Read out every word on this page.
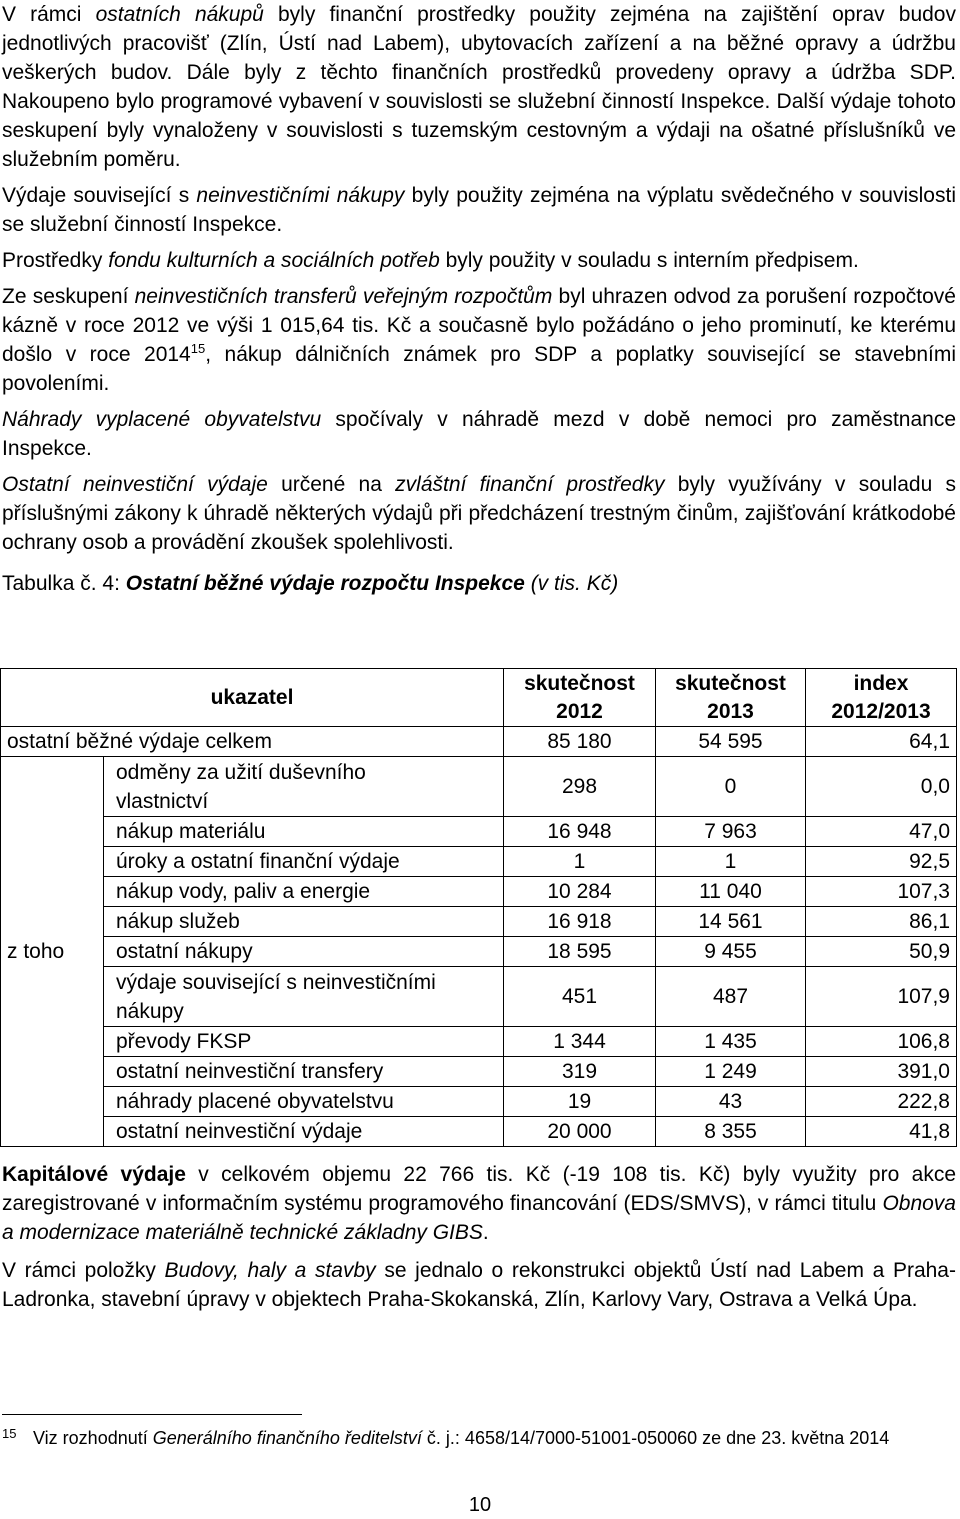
V rámci ostatních nákupů byly finanční prostředky použity zejména na zajištění oprav budov jednotlivých pracovišť (Zlín, Ústí nad Labem), ubytovacích zařízení a na běžné opravy a údržbu veškerých budov. Dále byly z těchto finančních prostředků provedeny opravy a údržba SDP. Nakoupeno bylo programové vybavení v souvislosti se služební činností Inspekce. Další výdaje tohoto seskupení byly vynaloženy v souvislosti s tuzemským cestovným a výdaji na ošatné příslušníků ve služebním poměru.

Výdaje související s neinvestičními nákupy byly použity zejména na výplatu svědečného v souvislosti se služební činností Inspekce.

Prostředky fondu kulturních a sociálních potřeb byly použity v souladu s interním předpisem.

Ze seskupení neinvestičních transferů veřejným rozpočtům byl uhrazen odvod za porušení rozpočtové kázně v roce 2012 ve výši 1 015,64 tis. Kč a současně bylo požádáno o jeho prominutí, ke kterému došlo v roce 2014$^{15}$, nákup dálničních známek pro SDP a poplatky související se stavebními povoleními.

Náhrady vyplacené obyvatelstvu spočívaly v náhradě mezd v době nemoci pro zaměstnance Inspekce.

Ostatní neinvestiční výdaje určené na zvláštní finanční prostředky byly využívány v souladu s příslušnými zákony k úhradě některých výdajů při předcházení trestným činům, zajišťování krátkodobé ochrany osob a provádění zkoušek spolehlivosti.

Tabulka č. 4: Ostatní běžné výdaje rozpočtu Inspekce (v tis. Kč)

ukazatel		skutečnost 2012	skutečnost 2013	index 2012/2013
ostatní běžné výdaje celkem		85 180	54 595	64,1
z toho	odměny za užití duševního vlastnictví	298	0	0,0
	nákup materiálu	16 948	7 963	47,0
	úroky a ostatní finanční výdaje	1	1	92,5
	nákup vody, paliv a energie	10 284	11 040	107,3
	nákup služeb	16 918	14 561	86,1
	ostatní nákupy	18 595	9 455	50,9
	výdaje související s neinvestičními nákupy	451	487	107,9
	převody FKSP	1 344	1 435	106,8
	ostatní neinvestiční transfery	319	1 249	391,0
	náhrady placené obyvatelstvu	19	43	222,8
	ostatní neinvestiční výdaje	20 000	8 355	41,8

Kapitálové výdaje v celkovém objemu 22 766 tis. Kč (-19 108 tis. Kč) byly využity pro akce zaregistrované v informačním systému programového financování (EDS/SMVS), v rámci titulu Obnova a modernizace materiálně technické základny GIBS.

V rámci položky Budovy, haly a stavby se jednalo o rekonstrukci objektů Ústí nad Labem a Praha-Ladronka, stavební úpravy v objektech Praha-Skokanská, Zlín, Karlovy Vary, Ostrava a Velká Úpa.

15 Viz rozhodnutí Generálního finančního ředitelství č. j.: 4658/14/7000-51001-050060 ze dne 23. května 2014

10
